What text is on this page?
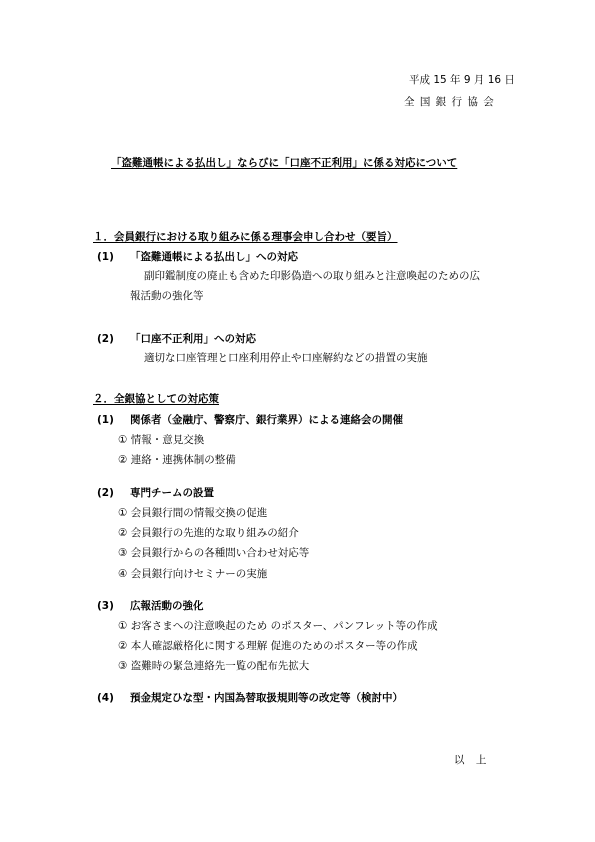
平成 15 年 9 月 16 日
全 国 銀 行 協 会
「盗難通帳による払出し」ならびに「口座不正利用」に係る対応について
１．会員銀行における取り組みに係る理事会申し合わせ（要旨）
(1) 「盗難通帳による払出し」への対応
副印鑑制度の廃止も含めた印影偽造への取り組みと注意喚起のための広
報活動の強化等
(2) 「口座不正利用」への対応
適切な口座管理と口座利用停止や口座解約などの措置の実施
２．全銀協としての対応策
(1) 関係者（金融庁、警察庁、銀行業界）による連絡会の開催
① 情報・意見交換
② 連絡・連携体制の整備
(2) 専門チームの設置
① 会員銀行間の情報交換の促進
② 会員銀行の先進的な取り組みの紹介
③ 会員銀行からの各種問い合わせ対応等
④ 会員銀行向けセミナーの実施
(3) 広報活動の強化
① お客さまへの注意喚起のため のポスター、パンフレット等の作成
② 本人確認厳格化に関する理解 促進のためのポスター等の作成
③ 盗難時の緊急連絡先一覧の配布先拡大
(4) 預金規定ひな型・内国為替取扱規則等の改定等（検討中）
以 上
